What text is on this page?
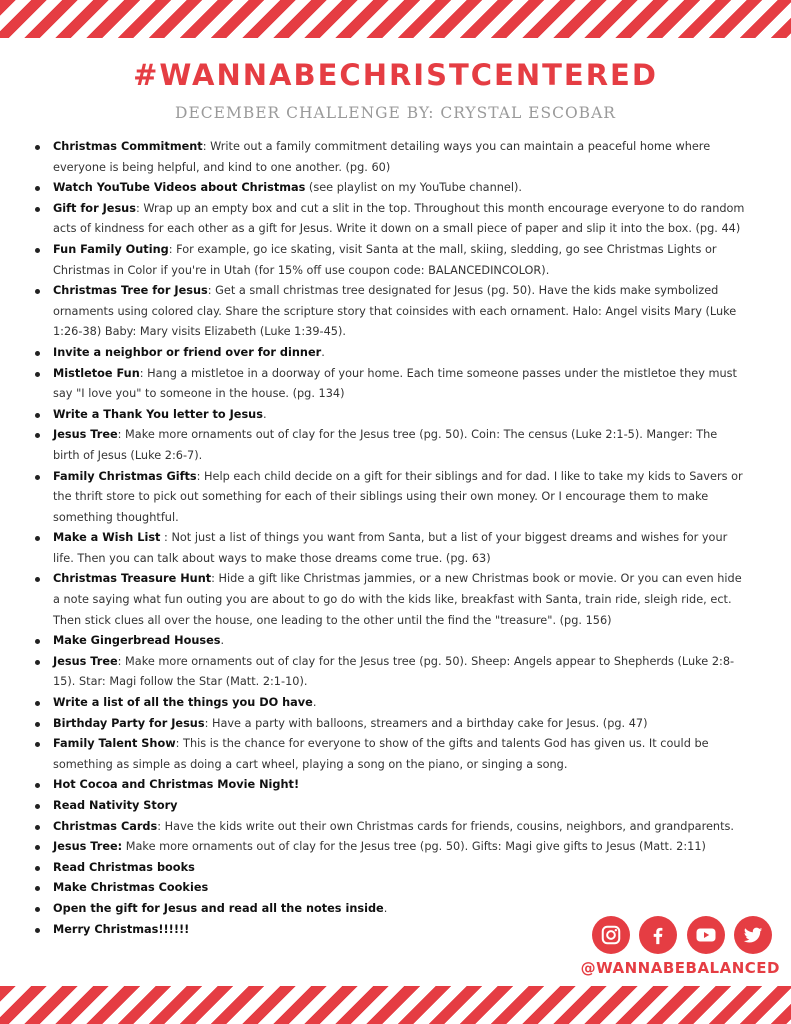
#WANNABECHRISTCENTERED
DECEMBER CHALLENGE BY: CRYSTAL ESCOBAR
Christmas Commitment: Write out a family commitment detailing ways you can maintain a peaceful home where everyone is being helpful, and kind to one another. (pg. 60)
Watch YouTube Videos about Christmas (see playlist on my YouTube channel).
Gift for Jesus: Wrap up an empty box and cut a slit in the top. Throughout this month encourage everyone to do random acts of kindness for each other as a gift for Jesus. Write it down on a small piece of paper and slip it into the box. (pg. 44)
Fun Family Outing: For example, go ice skating, visit Santa at the mall, skiing, sledding, go see Christmas Lights or Christmas in Color if you're in Utah (for 15% off use coupon code: BALANCEDINCOLOR).
Christmas Tree for Jesus: Get a small christmas tree designated for Jesus (pg. 50). Have the kids make symbolized ornaments using colored clay. Share the scripture story that coinsides with each ornament. Halo: Angel visits Mary (Luke 1:26-38) Baby: Mary visits Elizabeth (Luke 1:39-45).
Invite a neighbor or friend over for dinner.
Mistletoe Fun: Hang a mistletoe in a doorway of your home. Each time someone passes under the mistletoe they must say "I love you" to someone in the house. (pg. 134)
Write a Thank You letter to Jesus.
Jesus Tree: Make more ornaments out of clay for the Jesus tree (pg. 50). Coin: The census (Luke 2:1-5). Manger: The birth of Jesus (Luke 2:6-7).
Family Christmas Gifts: Help each child decide on a gift for their siblings and for dad. I like to take my kids to Savers or the thrift store to pick out something for each of their siblings using their own money. Or I encourage them to make something thoughtful.
Make a Wish List : Not just a list of things you want from Santa, but a list of your biggest dreams and wishes for your life. Then you can talk about ways to make those dreams come true. (pg. 63)
Christmas Treasure Hunt: Hide a gift like Christmas jammies, or a new Christmas book or movie. Or you can even hide a note saying what fun outing you are about to go do with the kids like, breakfast with Santa, train ride, sleigh ride, ect. Then stick clues all over the house, one leading to the other until the find the "treasure". (pg. 156)
Make Gingerbread Houses.
Jesus Tree: Make more ornaments out of clay for the Jesus tree (pg. 50). Sheep: Angels appear to Shepherds (Luke 2:8-15). Star: Magi follow the Star (Matt. 2:1-10).
Write a list of all the things you DO have.
Birthday Party for Jesus: Have a party with balloons, streamers and a birthday cake for Jesus. (pg. 47)
Family Talent Show: This is the chance for everyone to show of the gifts and talents God has given us. It could be something as simple as doing a cart wheel, playing a song on the piano, or singing a song.
Hot Cocoa and Christmas Movie Night!
Read Nativity Story
Christmas Cards: Have the kids write out their own Christmas cards for friends, cousins, neighbors, and grandparents.
Jesus Tree: Make more ornaments out of clay for the Jesus tree (pg. 50). Gifts: Magi give gifts to Jesus (Matt. 2:11)
Read Christmas books
Make Christmas Cookies
Open the gift for Jesus and read all the notes inside.
Merry Christmas!!!!!!
@WANNABEBALANCED
